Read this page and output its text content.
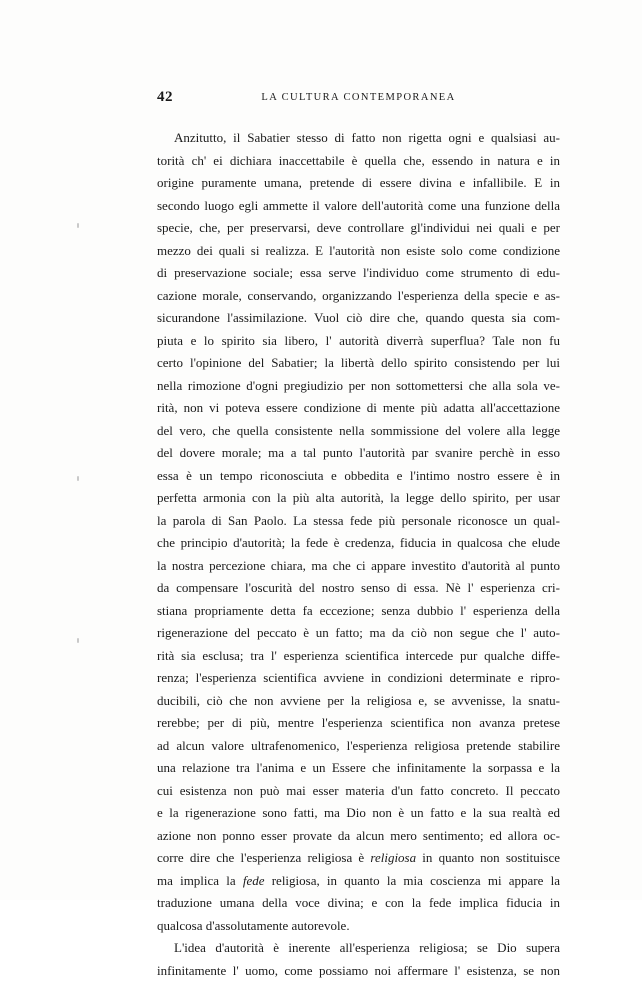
42	LA CULTURA CONTEMPORANEA
Anzitutto, il Sabatier stesso di fatto non rigetta ogni e qualsiasi au-
torità ch' ei dichiara inaccettabile è quella che, essendo in natura e in
origine puramente umana, pretende di essere divina e infallibile. E in
secondo luogo egli ammette il valore dell'autorità come una funzione della
specie, che, per preservarsi, deve controllare gl'individui nei quali e per
mezzo dei quali si realizza. E l'autorità non esiste solo come condizione
di preservazione sociale; essa serve l'individuo come strumento di edu-
cazione morale, conservando, organizzando l'esperienza della specie e as-
sicurandone l'assimilazione. Vuol ciò dire che, quando questa sia com-
piuta e lo spirito sia libero, l' autorità diverrà superflua? Tale non fu
certo l'opinione del Sabatier; la libertà dello spirito consistendo per lui
nella rimozione d'ogni pregiudizio per non sottomettersi che alla sola ve-
rità, non vi poteva essere condizione di mente più adatta all'accettazione
del vero, che quella consistente nella sommissione del volere alla legge
del dovere morale; ma a tal punto l'autorità par svanire perchè in esso
essa è un tempo riconosciuta e obbedita e l'intimo nostro essere è in
perfetta armonia con la più alta autorità, la legge dello spirito, per usar
la parola di San Paolo. La stessa fede più personale riconosce un qual-
che principio d'autorità; la fede è credenza, fiducia in qualcosa che elude
la nostra percezione chiara, ma che ci appare investito d'autorità al punto
da compensare l'oscurità del nostro senso di essa. Nè l' esperienza cri-
stiana propriamente detta fa eccezione; senza dubbio l' esperienza della
rigenerazione del peccato è un fatto; ma da ciò non segue che l' auto-
rità sia esclusa; tra l' esperienza scientifica intercede pur qualche diffe-
renza; l'esperienza scientifica avviene in condizioni determinate e ripro-
ducibili, ciò che non avviene per la religiosa e, se avvenisse, la snatu-
rerebbe; per di più, mentre l'esperienza scientifica non avanza pretese
ad alcun valore ultrafenomenico, l'esperienza religiosa pretende stabilire
una relazione tra l'anima e un Essere che infinitamente la sorpassa e la
cui esistenza non può mai esser materia d'un fatto concreto. Il peccato
e la rigenerazione sono fatti, ma Dio non è un fatto e la sua realtà ed
azione non ponno esser provate da alcun mero sentimento; ed allora oc-
corre dire che l'esperienza religiosa è religiosa in quanto non sostituisce
ma implica la fede religiosa, in quanto la mia coscienza mi appare la
traduzione umana della voce divina; e con la fede implica fiducia in
qualcosa d'assolutamente autorevole.
L'idea d'autorità è inerente all'esperienza religiosa; se Dio supera
infinitamente l' uomo, come possiamo noi affermare l' esistenza, se non
